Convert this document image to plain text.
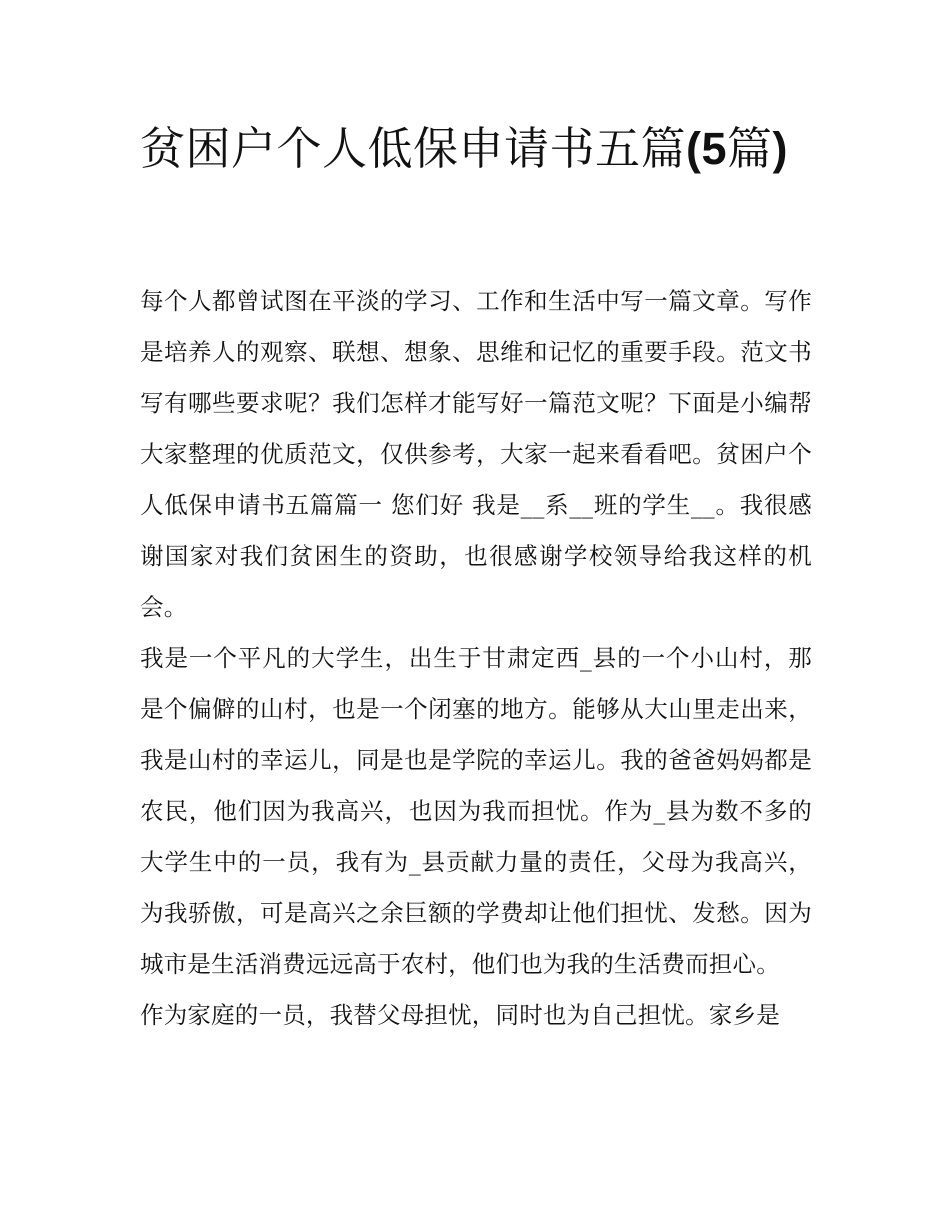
贫困户个人低保申请书五篇(5篇)

每个人都曾试图在平淡的学习、工作和生活中写一篇文章。写作是培养人的观察、联想、想象、思维和记忆的重要手段。范文书写有哪些要求呢？我们怎样才能写好一篇范文呢？下面是小编帮大家整理的优质范文，仅供参考，大家一起来看看吧。贫困户个人低保申请书五篇篇一 您们好 我是__系__班的学生__。我很感谢国家对我们贫困生的资助，也很感谢学校领导给我这样的机会。

我是一个平凡的大学生，出生于甘肃定西_县的一个小山村，那是个偏僻的山村，也是一个闭塞的地方。能够从大山里走出来，我是山村的幸运儿，同是也是学院的幸运儿。我的爸爸妈妈都是农民，他们因为我高兴，也因为我而担忧。作为_县为数不多的大学生中的一员，我有为_县贡献力量的责任，父母为我高兴，为我骄傲，可是高兴之余巨额的学费却让他们担忧、发愁。因为城市是生活消费远远高于农村，他们也为我的生活费而担心。

作为家庭的一员，我替父母担忧，同时也为自己担忧。家乡是
